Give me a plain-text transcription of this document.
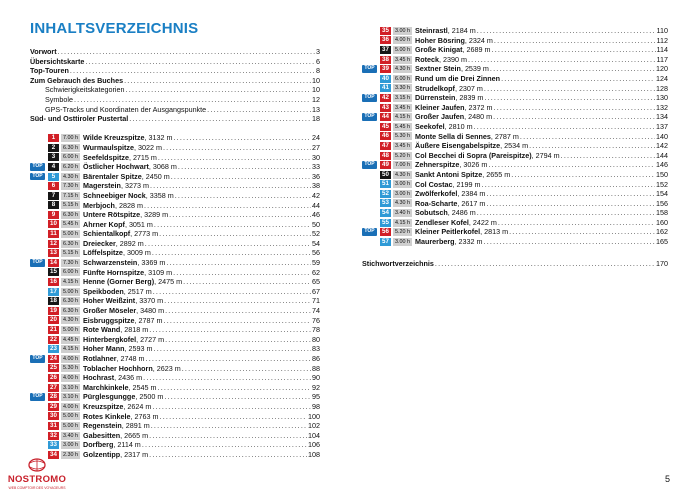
INHALTSVERZEICHNIS
Vorwort . . .	3
Übersichtskarte . . .	6
Top-Touren . . .	8
Zum Gebrauch des Buches . . .	10
Schwierigkeitskategorien . . .	10
Symbole . . .	12
GPS-Tracks und Koordinaten der Ausgangspunkte . . .	13
Süd- und Osttiroler Pustertal . . .	18
1	7.00 h Wilde Kreuzspitze, 3132 m . . .	24
2	6.30 h Wurmaulspitze, 3022 m . . .	27
3	6.00 h Seefeldspitze, 2715 m . . .	30
TOP	4	6.20 h Östlicher Hochwart, 3068 m . . .	33
TOP	5	4.30 h Bärentaler Spitze, 2450 m . . .	36
6	7.30 h Magerstein, 3273 m . . .	38
7	7.15 h Schneebiger Nock, 3358 m . . .	42
8	5.15 h Merbjoch, 2828 m . . .	44
9	6.30 h Untere Rötspitze, 3289 m . . .	46
10	5.45 h Ahrner Kopf, 3051 m . . .	50
11	5.00 h Schientalkopf, 2773 m . . .	52
12	6.30 h Dreiecker, 2892 m . . .	54
13	5.15 h Löffelspitze, 3009 m . . .	56
TOP	14	7.30 h Schwarzenstein, 3369 m . . .	59
15	6.00 h Fünfte Hornspitze, 3109 m . . .	62
16	4.15 h Henne (Gorner Berg), 2475 m . . .	65
17	5.00 h Speikboden, 2517 m . . .	67
18	6.30 h Hoher Weißzint, 3370 m . . .	71
19	6.30 h Großer Möseler, 3480 m . . .	74
20	4.30 h Eisbruggspitze, 2787 m . . .	76
21	5.00 h Rote Wand, 2818 m . . .	78
22	4.45 h Hinterbergkofel, 2727 m . . .	80
23	4.15 h Hoher Mann, 2593 m . . .	83
TOP	24	4.00 h Rotlahner, 2748 m . . .	86
25	5.30 h Toblacher Hochhorn, 2623 m . . .	88
26	4.00 h Hochrast, 2436 m . . .	90
27	3.10 h Marchkinkele, 2545 m . . .	92
TOP	28	3.10 h Pürglesgungge, 2500 m . . .	95
29	4.00 h Kreuzspitze, 2624 m . . .	98
30	5.00 h Rotes Kinkele, 2763 m . . .	100
31	5.00 h Regenstein, 2891 m . . .	102
32	3.40 h Gabesitten, 2665 m . . .	104
33	3.00 h Dorfberg, 2114 m . . .	106
34	2.30 h Golzentipp, 2317 m . . .	108
35	3.00 h Steinrastl, 2184 m . . .	110
36	4.00 h Hoher Bösring, 2324 m . . .	112
37	5.00 h Große Kinigat, 2689 m . . .	114
38	3.45 h Roteck, 2390 m . . .	117
TOP	39	4.30 h Sextner Stein, 2539 m . . .	120
40	6.00 h Rund um die Drei Zinnen . . .	124
41	3.30 h Strudelkopf, 2307 m . . .	128
TOP	42	3.15 h Dürrenstein, 2839 m . . .	130
43	3.45 h Kleiner Jaufen, 2372 m . . .	132
TOP	44	4.15 h Großer Jaufen, 2480 m . . .	134
45	5.45 h Seekofel, 2810 m . . .	137
46	5.30 h Monte Sella di Sennes, 2787 m . . .	140
47	3.45 h Äußere Eisengabelspitze, 2534 m . . .	142
48	5.20 h Col Becchei di Sopra (Pareispitze), 2794 m . . .	144
TOP	49	7.00 h Zehnerspitze, 3026 m . . .	146
50	4.30 h Sankt Antoni Spitze, 2655 m . . .	150
51	3.00 h Col Costac, 2199 m . . .	152
52	3.00 h Zwölferkofel, 2384 m . . .	154
53	4.30 h Roa-Scharte, 2617 m . . .	156
54	3.40 h Sobutsch, 2486 m . . .	158
55	4.15 h Zendleser Kofel, 2422 m . . .	160
TOP	56	5.20 h Kleiner Peitlerkofel, 2813 m . . .	162
57	3.00 h Maurerberg, 2332 m . . .	165
Stichwortverzeichnis . . .	170
5
NOSTROMO
WEB COMPTOIR DES VOYAGEURS
